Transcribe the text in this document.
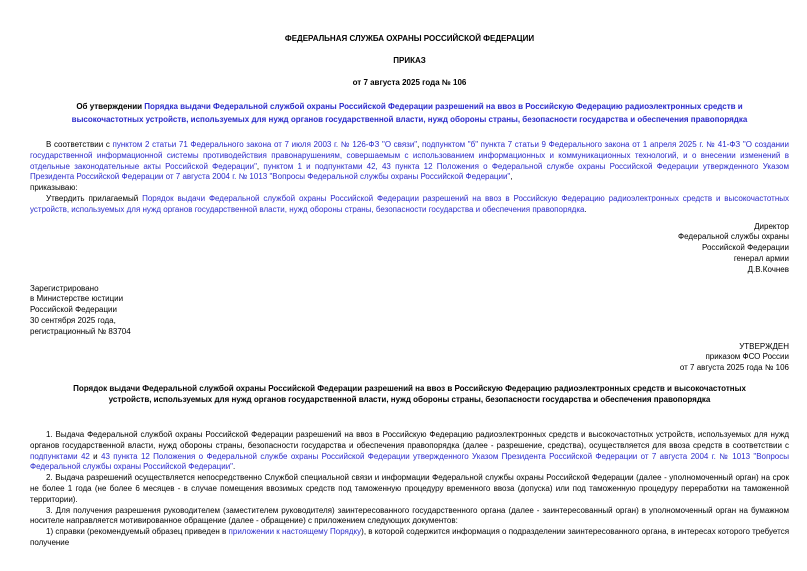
ФЕДЕРАЛЬНАЯ СЛУЖБА ОХРАНЫ РОССИЙСКОЙ ФЕДЕРАЦИИ
ПРИКАЗ
от 7 августа 2025 года № 106
Об утверждении Порядка выдачи Федеральной службой охраны Российской Федерации разрешений на ввоз в Российскую Федерацию радиоэлектронных средств и высокочастотных устройств, используемых для нужд органов государственной власти, нужд обороны страны, безопасности государства и обеспечения правопорядка

В соответствии с пунктом 2 статьи 71 Федерального закона от 7 июля 2003 г. № 126-ФЗ "О связи", подпунктом "б" пункта 7 статьи 9 Федерального закона от 1 апреля 2025 г. № 41-ФЗ "О создании государственной информационной системы противодействия правонарушениям, совершаемым с использованием информационных и коммуникационных технологий, и о внесении изменений в отдельные законодательные акты Российской Федерации", пунктом 1 и подпунктами 42, 43 пункта 12 Положения о Федеральной службе охраны Российской Федерации утвержденного Указом Президента Российской Федерации от 7 августа 2004 г. № 1013 "Вопросы Федеральной службы охраны Российской Федерации",

приказываю:

Утвердить прилагаемый Порядок выдачи Федеральной службой охраны Российской Федерации разрешений на ввоз в Российскую Федерацию радиоэлектронных средств и высокочастотных устройств, используемых для нужд органов государственной власти, нужд обороны страны, безопасности государства и обеспечения правопорядка.

Директор
Федеральной службы охраны
Российской Федерации
генерал армии
Д.В.Кочнев
Зарегистрировано
в Министерстве юстиции
Российской Федерации
30 сентября 2025 года,
регистрационный № 83704
УТВЕРЖДЕН
приказом ФСО России
от 7 августа 2025 года № 106
Порядок выдачи Федеральной службой охраны Российской Федерации разрешений на ввоз в Российскую Федерацию радиоэлектронных средств и высокочастотных устройств, используемых для нужд органов государственной власти, нужд обороны страны, безопасности государства и обеспечения правопорядка

1. Выдача Федеральной службой охраны Российской Федерации разрешений на ввоз в Российскую Федерацию радиоэлектронных средств и высокочастотных устройств, используемых для нужд органов государственной власти, нужд обороны страны, безопасности государства и обеспечения правопорядка (далее - разрешение, средства), осуществляется для ввоза средств в соответствии с подпунктами 42 и 43 пункта 12 Положения о Федеральной службе охраны Российской Федерации утвержденного Указом Президента Российской Федерации от 7 августа 2004 г. № 1013 "Вопросы Федеральной службы охраны Российской Федерации".

2. Выдача разрешений осуществляется непосредственно Службой специальной связи и информации Федеральной службы охраны Российской Федерации (далее - уполномоченный орган) на срок не более 1 года (не более 6 месяцев - в случае помещения ввозимых средств под таможенную процедуру временного ввоза (допуска) или под таможенную процедуру переработки на таможенной территории).

3. Для получения разрешения руководителем (заместителем руководителя) заинтересованного государственного органа (далее - заинтересованный орган) в уполномоченный орган на бумажном носителе направляется мотивированное обращение (далее - обращение) с приложением следующих документов:

1) справки (рекомендуемый образец приведен в приложении к настоящему Порядку), в которой содержится информация о подразделении заинтересованного органа, в интересах которого требуется получение
